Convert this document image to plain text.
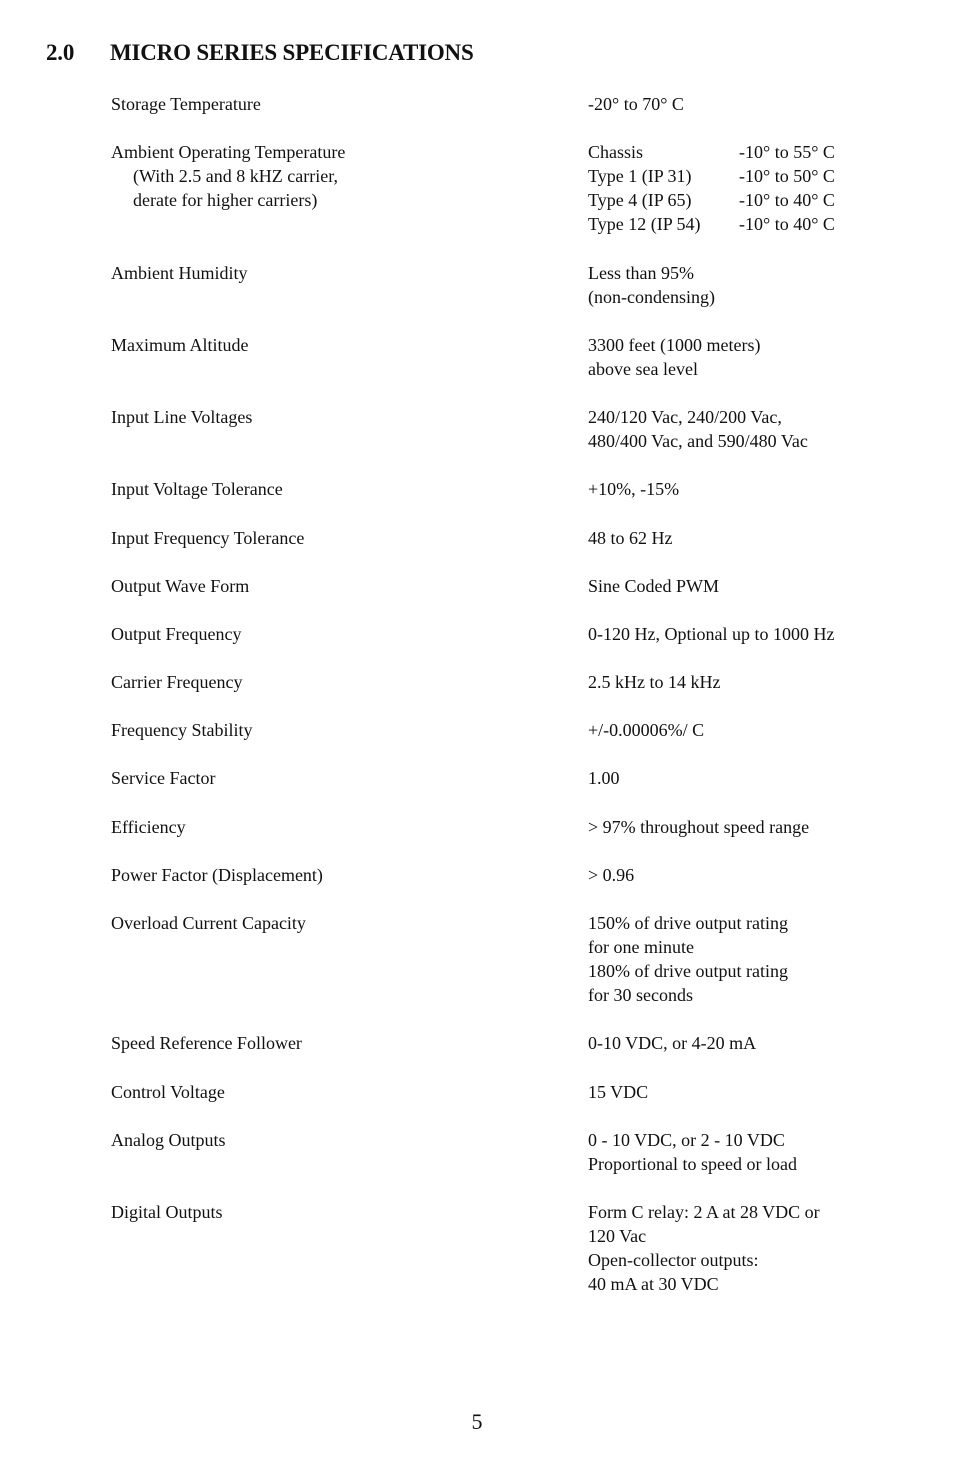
2.0 MICRO SERIES SPECIFICATIONS
Storage Temperature	-20° to 70° C
Ambient Operating Temperature
(With 2.5 and 8 kHZ carrier,
derate for higher carriers)
Chassis	-10° to 55° C
Type 1 (IP 31)	-10° to 50° C
Type 4 (IP 65)	-10° to 40° C
Type 12 (IP 54)	-10° to 40° C
Ambient Humidity	Less than 95%
(non-condensing)
Maximum Altitude	3300 feet (1000 meters)
above sea level
Input Line Voltages	240/120 Vac, 240/200 Vac,
480/400 Vac, and 590/480 Vac
Input Voltage Tolerance	+10%, -15%
Input Frequency Tolerance	48 to 62 Hz
Output Wave Form	Sine Coded PWM
Output Frequency	0-120 Hz, Optional up to 1000 Hz
Carrier Frequency	2.5 kHz to 14 kHz
Frequency Stability	+/-0.00006%/ C
Service Factor	1.00
Efficiency	> 97% throughout speed range
Power Factor (Displacement)	> 0.96
Overload Current Capacity	150% of drive output rating
for one minute
180% of drive output rating
for 30 seconds
Speed Reference Follower	0-10 VDC, or 4-20 mA
Control Voltage	15 VDC
Analog Outputs	0 - 10 VDC, or 2 - 10 VDC
Proportional to speed or load
Digital Outputs	Form C relay: 2 A at 28 VDC or
120 Vac
Open-collector outputs:
40 mA at 30 VDC
5
